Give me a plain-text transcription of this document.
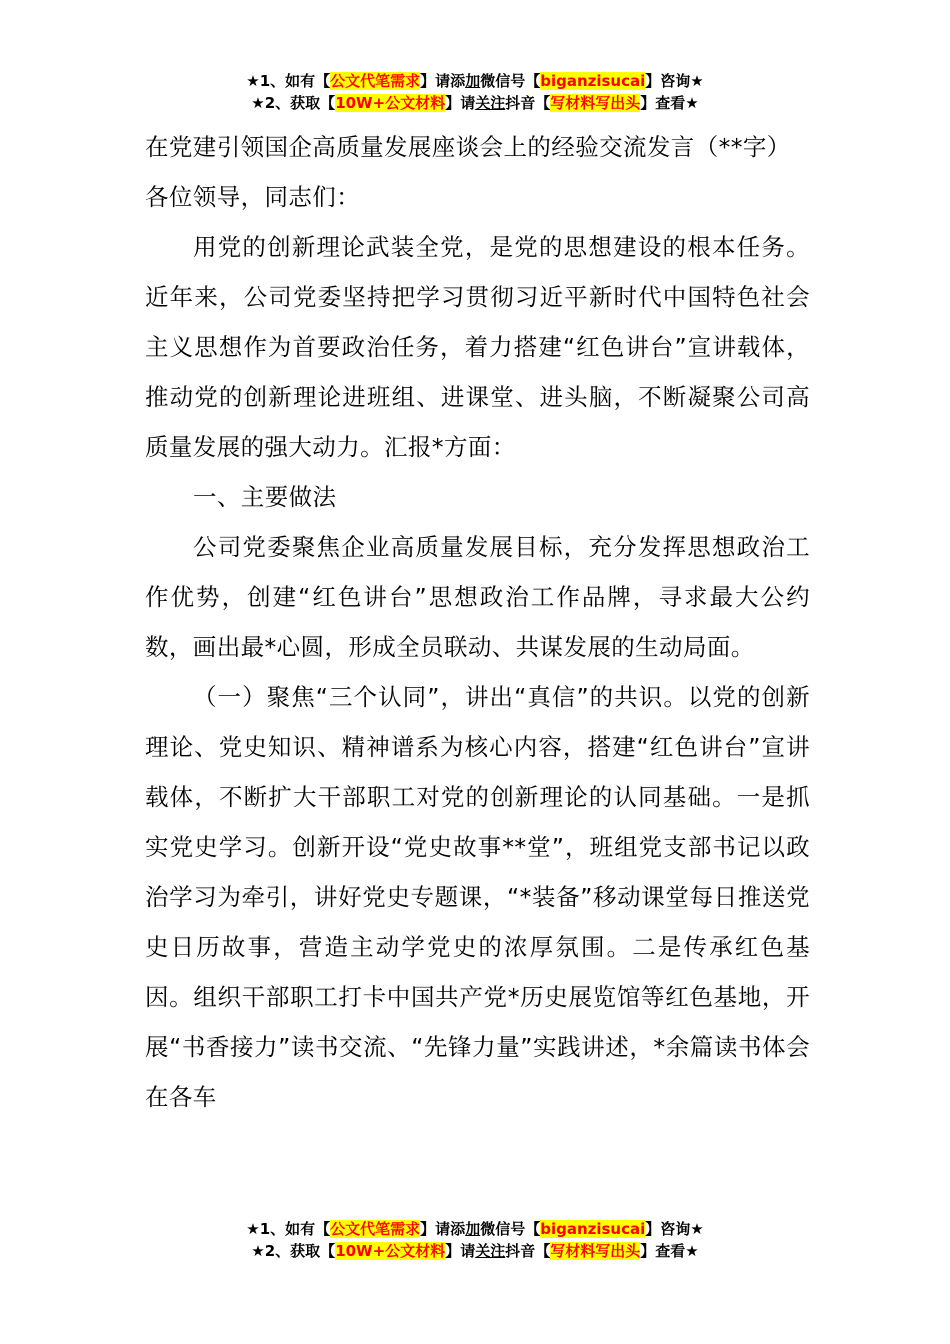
★1、如有【公文代笔需求】请添加微信号【biganzisucai】咨询★
★2、获取【10W+公文材料】请关注抖音【写材料写出头】查看★

在党建引领国企高质量发展座谈会上的经验交流发言（**字）

各位领导，同志们：

用党的创新理论武装全党，是党的思想建设的根本任务。近年来，公司党委坚持把学习贯彻习近平新时代中国特色社会主义思想作为首要政治任务，着力搭建“红色讲台”宣讲载体，推动党的创新理论进班组、进课堂、进头脑，不断凝聚公司高质量发展的强大动力。汇报*方面：

一、主要做法

公司党委聚焦企业高质量发展目标，充分发挥思想政治工作优势，创建“红色讲台”思想政治工作品牌，寻求最大公约数，画出最*心圆，形成全员联动、共谋发展的生动局面。

（一）聚焦“三个认同”，讲出“真信”的共识。以党的创新理论、党史知识、精神谱系为核心内容，搭建“红色讲台”宣讲载体，不断扩大干部职工对党的创新理论的认同基础。一是抓实党史学习。创新开设“党史故事**堂”，班组党支部书记以政治学习为牵引，讲好党史专题课，“*装备”移动课堂每日推送党史日历故事，营造主动学党史的浓厚氛围。二是传承红色基因。组织干部职工打卡中国共产党*历史展览馆等红色基地，开展“书香接力”读书交流、“先锋力量”实践讲述，*余篇读书体会在各车

★1、如有【公文代笔需求】请添加微信号【biganzisucai】咨询★
★2、获取【10W+公文材料】请关注抖音【写材料写出头】查看★
